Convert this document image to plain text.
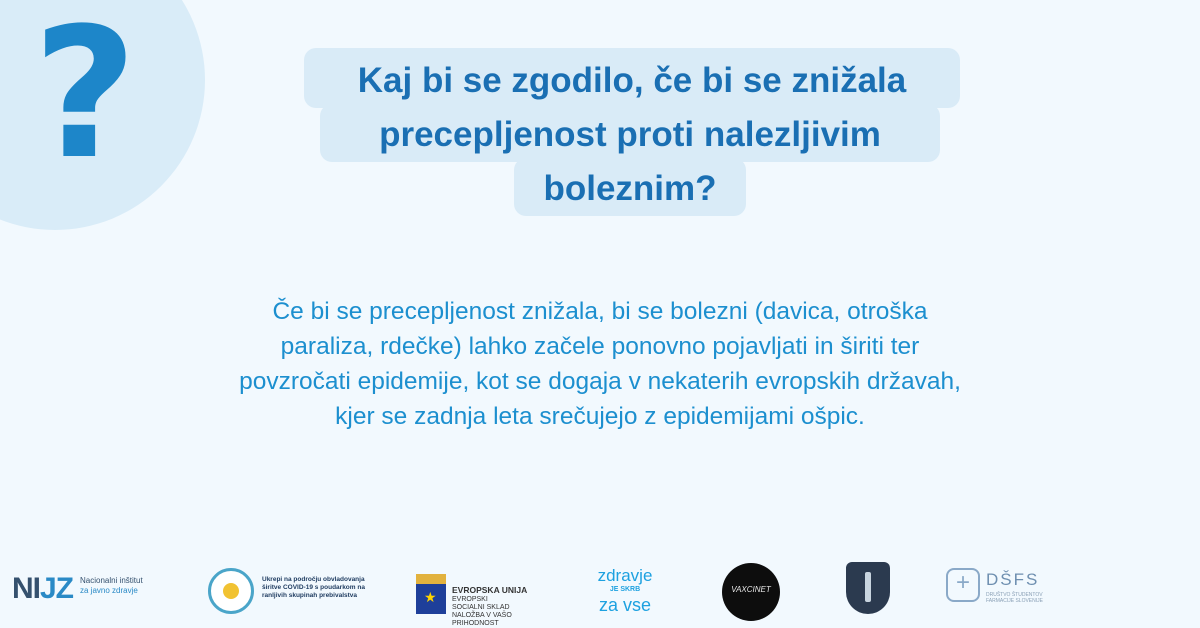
?	Kaj bi se zgodilo, če bi se znižala
precepljenost proti nalezljivim
boleznim?
Če bi se precepljenost znižala, bi se bolezni (davica, otroška
paraliza, rdečke) lahko začele ponovno pojavljati in širiti ter
povzročati epidemije, kot se dogaja v nekaterih evropskih državah,
kjer se zadnja leta srečujejo z epidemijami ošpic.
NIJZ Nacionalni inštitut
za javno zdravje
Ukrepi na področju obvladovanja širitve COVID-19 s poudarkom na ranljivih skupinah prebivalstva
★
EVROPSKA UNIJA
EVROPSKI
SOCIALNI SKLAD
NALOŽBA V VAŠO PRIHODNOST
zdravje
JE SKRB
za vse
VAXCINET
+
DŠFS
DRUŠTVO ŠTUDENTOV FARMACIJE SLOVENIJE
